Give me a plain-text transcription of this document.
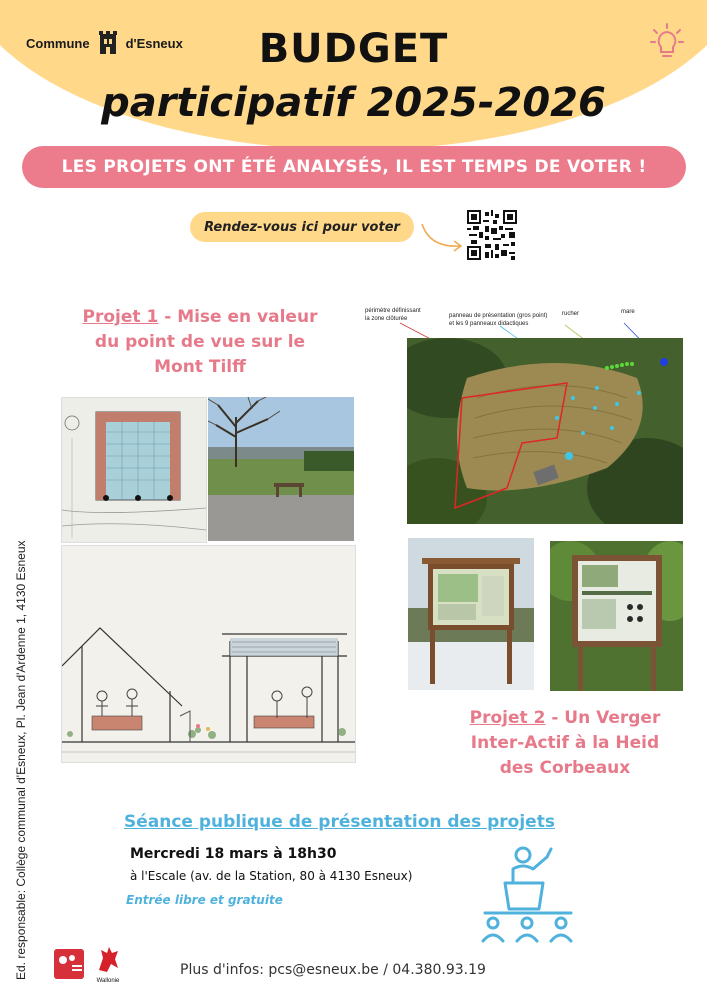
Commune	d'Esneux	BUDGET
participatif 2025-2026
LES PROJETS ONT ÉTÉ ANALYSÉS, IL EST TEMPS DE VOTER !
Rendez-vous ici pour voter
Ed. responsable: Collège communal d'Esneux, Pl. Jean d'Ardenne 1, 4130 Esneux
Projet 1 - Mise en valeur
du point de vue sur le
Mont Tilff
périmètre définissant
la zone clôturée	panneau de présentation (gros point)
et les 9 panneaux didactiques
rucher	mare
Projet 2 - Un Verger
Inter-Actif à la Heid
des Corbeaux
Séance publique de présentation des projets
Mercredi 18 mars à 18h30
à l'Escale (av. de la Station, 80 à 4130 Esneux)
Entrée libre et gratuite
Wallonie
Plus d'infos: pcs@esneux.be / 04.380.93.19
